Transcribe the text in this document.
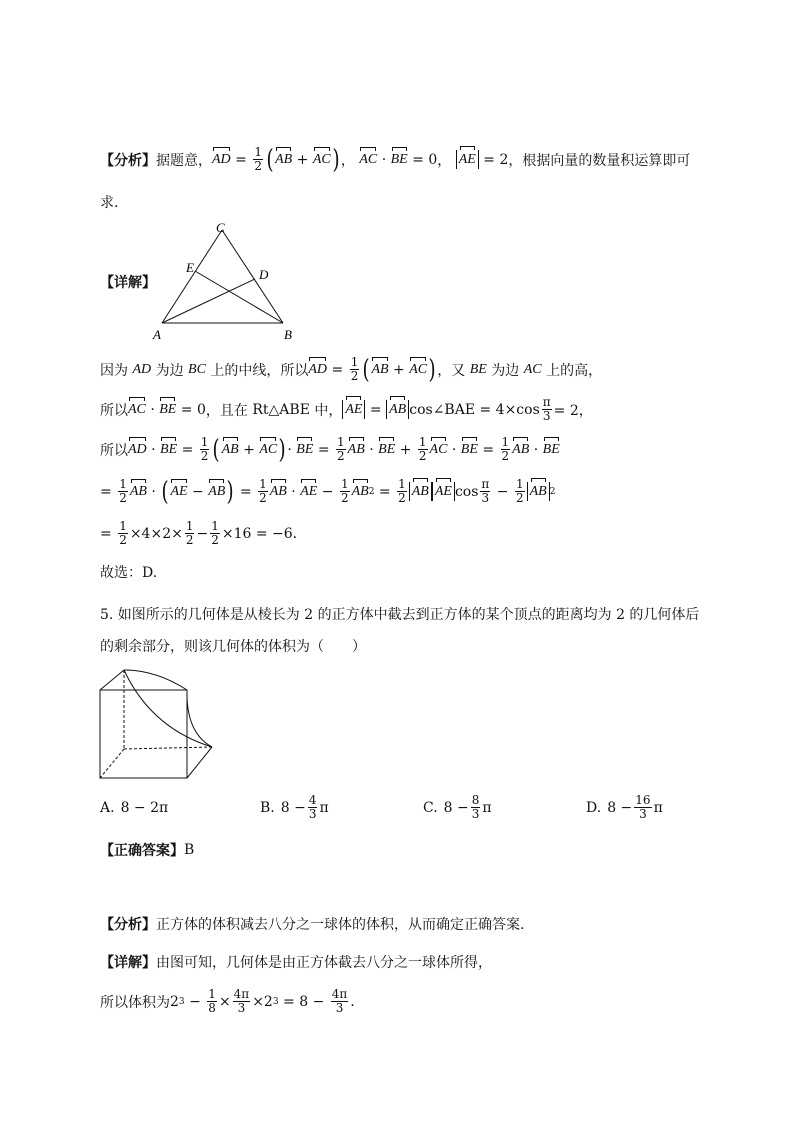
【分析】 据题意， AD = $\frac{1}{2}$ ( AB + AC ) ，
AC · BE = 0 ，
AE = 2 ，根据向量的数量积运算即可
求.
【详解】
C
E	D
A	B
因为
AD
为边
BC
上的中线，所以 AD = $\frac{1}{2}$ ( AB + AC ) ，又
BE
为边
AC
上的高，
所以 AC · BE = 0 ，且在
Rt△ABE
中， AE = AB cos∠BAE = $4\times\cos \frac{\pi}{3} = 2$，
所以 AD · BE = $\frac{1}{2}$ ( AB + AC ) · BE = $\frac{1}{2}$ AB · BE + $\frac{1}{2}$ AC · BE = $\frac{1}{2}$ AB · BE
= $\frac{1}{2}$ AB · ( AE − AB ) = $\frac{1}{2}$ AB · AE − $\frac{1}{2}$ AB $2 = \frac{1}{2}$ AB AE $\cos \frac{\pi}{3} - \frac{1}{2}$ AB 2
= $\frac{1}{2} \times 4\times 2\times \frac{1}{2} - \frac{1}{2} \times 16 = -6$.
故选：D.
5. 如图所示的几何体是从棱长为 2 的正方体中截去到正方体的某个顶点的距离均为 2 的几何体后
的剩余部分，则该几何体的体积为（　　）
A. 8 − 2π	B. $8 - \frac{4}{3}$ π	C. $8 - \frac{8}{3}$ π	D. $8 - \frac{16}{3}$ π
【正确答案】 B
【分析】 正方体的体积减去八分之一球体的体积，从而确定正确答案.
【详解】 由图可知，几何体是由正方体截去八分之一球体所得，
所以体积为 2 $3 - \frac{1}{8} \times \frac{4\pi}{3} \times 2$ $3 = 8 - \frac{4\pi}{3}$ .
